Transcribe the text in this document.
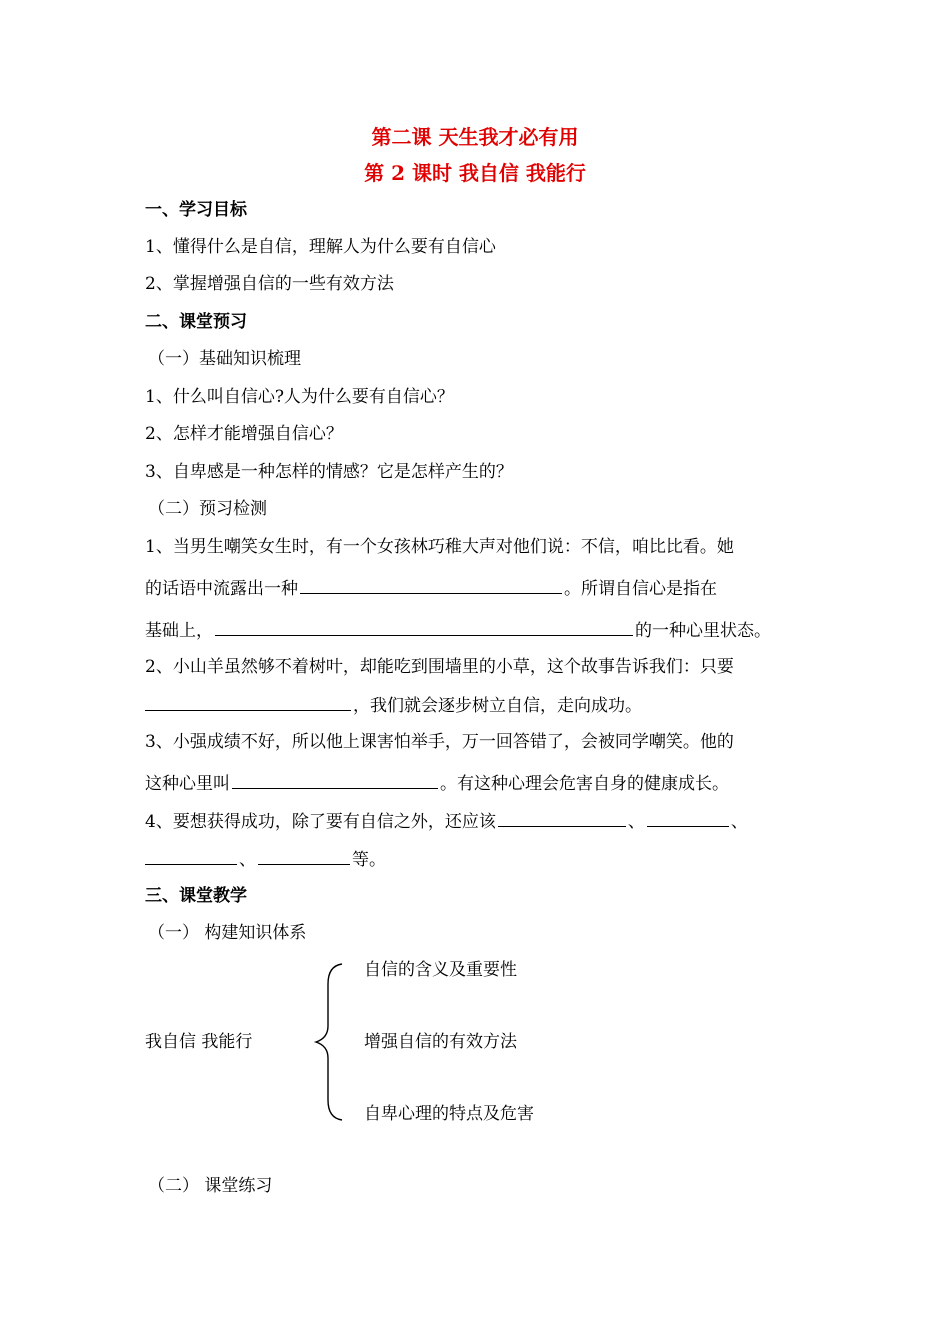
第二课 天生我才必有用
第 2 课时 我自信 我能行
一、学习目标
1、懂得什么是自信，理解人为什么要有自信心
2、掌握增强自信的一些有效方法
二、课堂预习
（一）基础知识梳理
1、什么叫自信心?人为什么要有自信心？
2、怎样才能增强自信心？
3、自卑感是一种怎样的情感？它是怎样产生的？
（二）预习检测
1、当男生嘲笑女生时，有一个女孩林巧稚大声对他们说：不信，咱比比看。她
的话语中流露出一种	。所谓自信心是指在
基础上，	的一种心里状态。
2、小山羊虽然够不着树叶，却能吃到围墙里的小草，这个故事告诉我们：只要
，我们就会逐步树立自信，走向成功。
3、小强成绩不好，所以他上课害怕举手，万一回答错了，会被同学嘲笑。他的
这种心里叫	。有这种心理会危害自身的健康成长。
4、要想获得成功，除了要有自信之外，还应该	、	、
、	等。
三、课堂教学
（一） 构建知识体系
我自信 我能行
自信的含义及重要性
增强自信的有效方法
自卑心理的特点及危害
（二） 课堂练习
